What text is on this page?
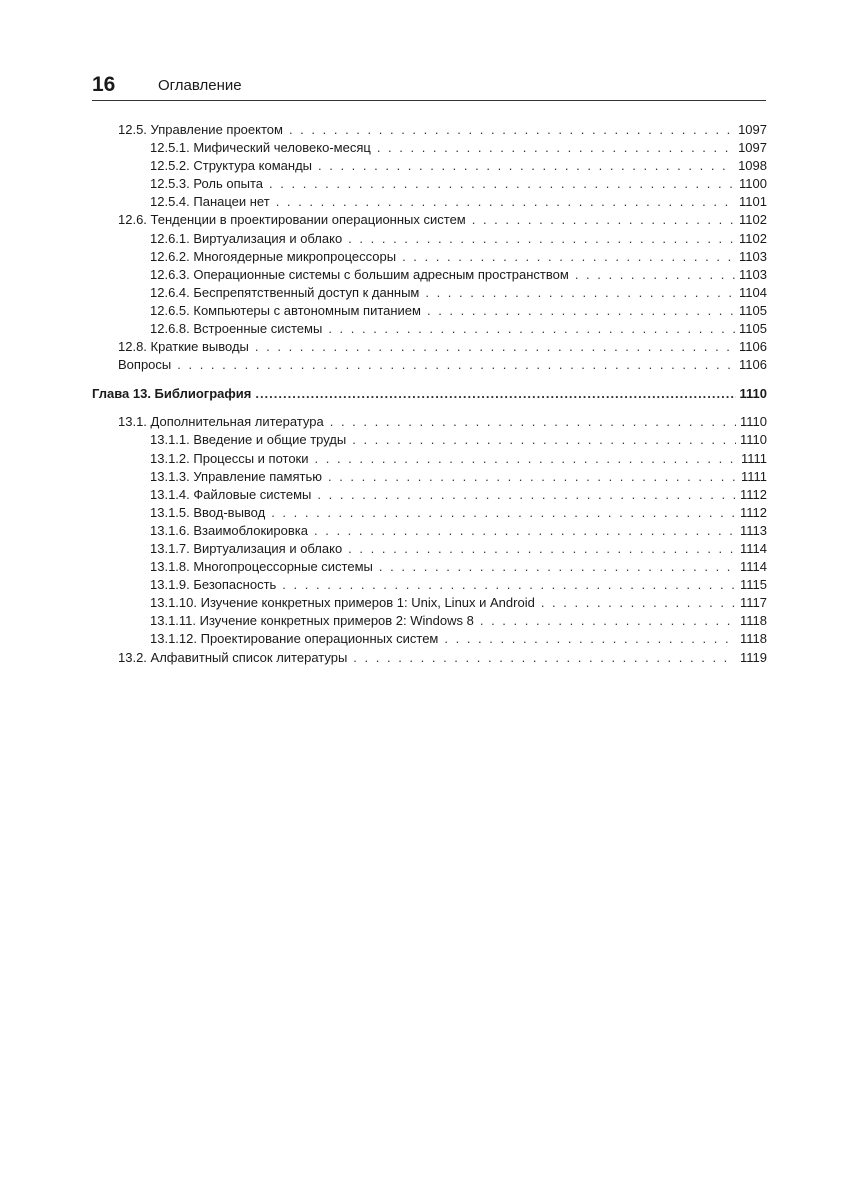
16	Оглавление
12.5. Управление проектом . . .	1097
12.5.1. Мифический человеко-месяц . . .	1097
12.5.2. Структура команды . . .	1098
12.5.3. Роль опыта . . .	1100
12.5.4. Панацеи нет . . .	1101
12.6. Тенденции в проектировании операционных систем . . .	1102
12.6.1. Виртуализация и облако . . .	1102
12.6.2. Многоядерные микропроцессоры . . .	1103
12.6.3. Операционные системы с большим адресным пространством . . .	1103
12.6.4. Беспрепятственный доступ к данным . . .	1104
12.6.5. Компьютеры с автономным питанием . . .	1105
12.6.8. Встроенные системы . . .	1105
12.8. Краткие выводы . . .	1106
Вопросы . . .	1106
Глава 13. Библиография .....	1110
13.1. Дополнительная литература . . .	1110
13.1.1. Введение и общие труды . . .	1110
13.1.2. Процессы и потоки . . .	1111
13.1.3. Управление памятью . . .	1111
13.1.4. Файловые системы . . .	1112
13.1.5. Ввод-вывод . . .	1112
13.1.6. Взаимоблокировка . . .	1113
13.1.7. Виртуализация и облако . . .	1114
13.1.8. Многопроцессорные системы . . .	1114
13.1.9. Безопасность . . .	1115
13.1.10. Изучение конкретных примеров 1: Unix, Linux и Android . . .	1117
13.1.11. Изучение конкретных примеров 2: Windows 8 . . .	1118
13.1.12. Проектирование операционных систем . . .	1118
13.2. Алфавитный список литературы . . .	1119
